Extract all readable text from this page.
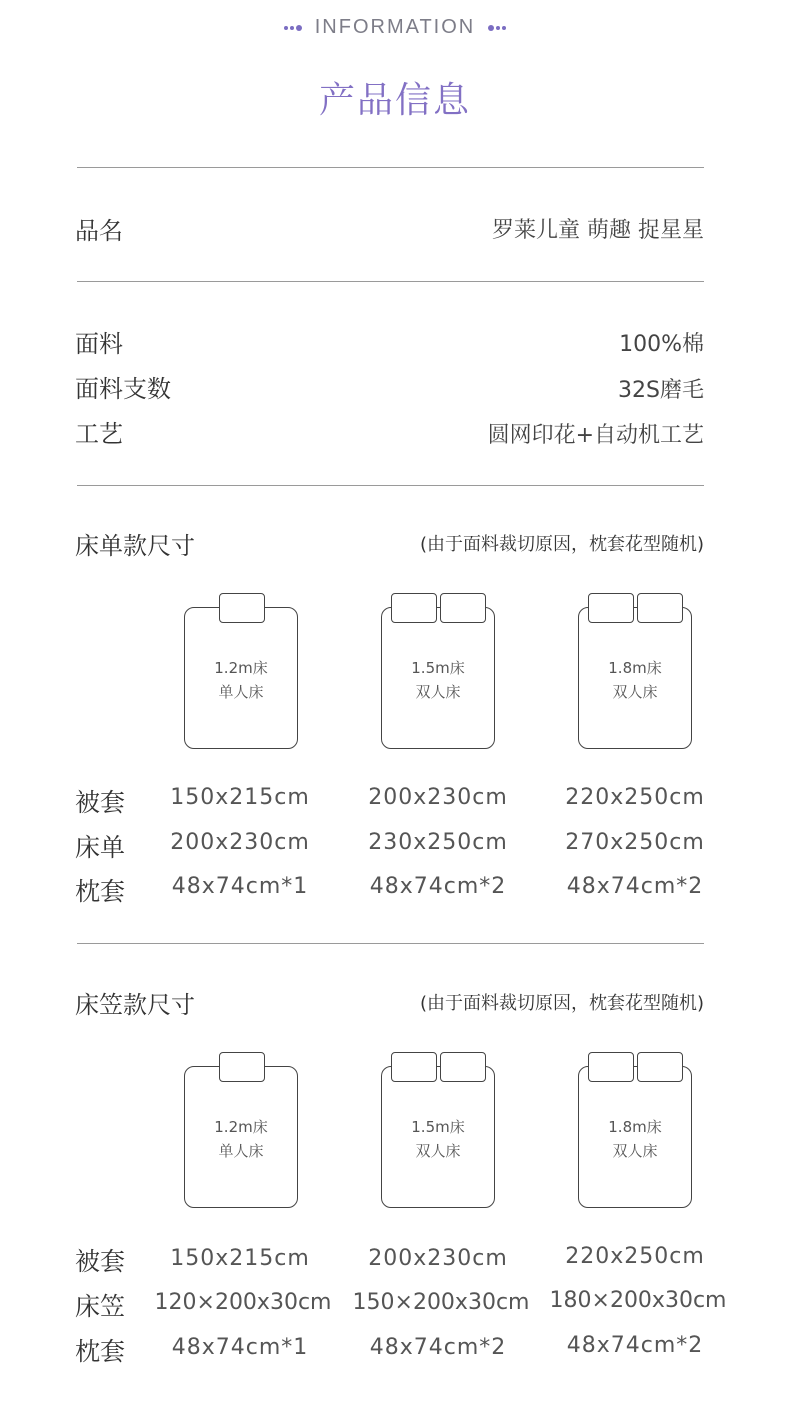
INFORMATION
产品信息
品名	罗莱儿童 萌趣 捉星星
面料	100%棉
面料支数	32S磨毛
工艺	圆网印花+自动机工艺
床单款尺寸	(由于面料裁切原因，枕套花型随机)
1.2m床
单人床
1.5m床
双人床
1.8m床
双人床
被套	150x215cm	200x230cm	220x250cm
床单	200x230cm	230x250cm	270x250cm
枕套	48x74cm*1	48x74cm*2	48x74cm*2
床笠款尺寸	(由于面料裁切原因，枕套花型随机)
1.2m床
单人床
1.5m床
双人床
1.8m床
双人床
被套	150x215cm	200x230cm	220x250cm
床笠	120×200x30cm 150×200x30cm 180×200x30cm
枕套	48x74cm*1	48x74cm*2	48x74cm*2
